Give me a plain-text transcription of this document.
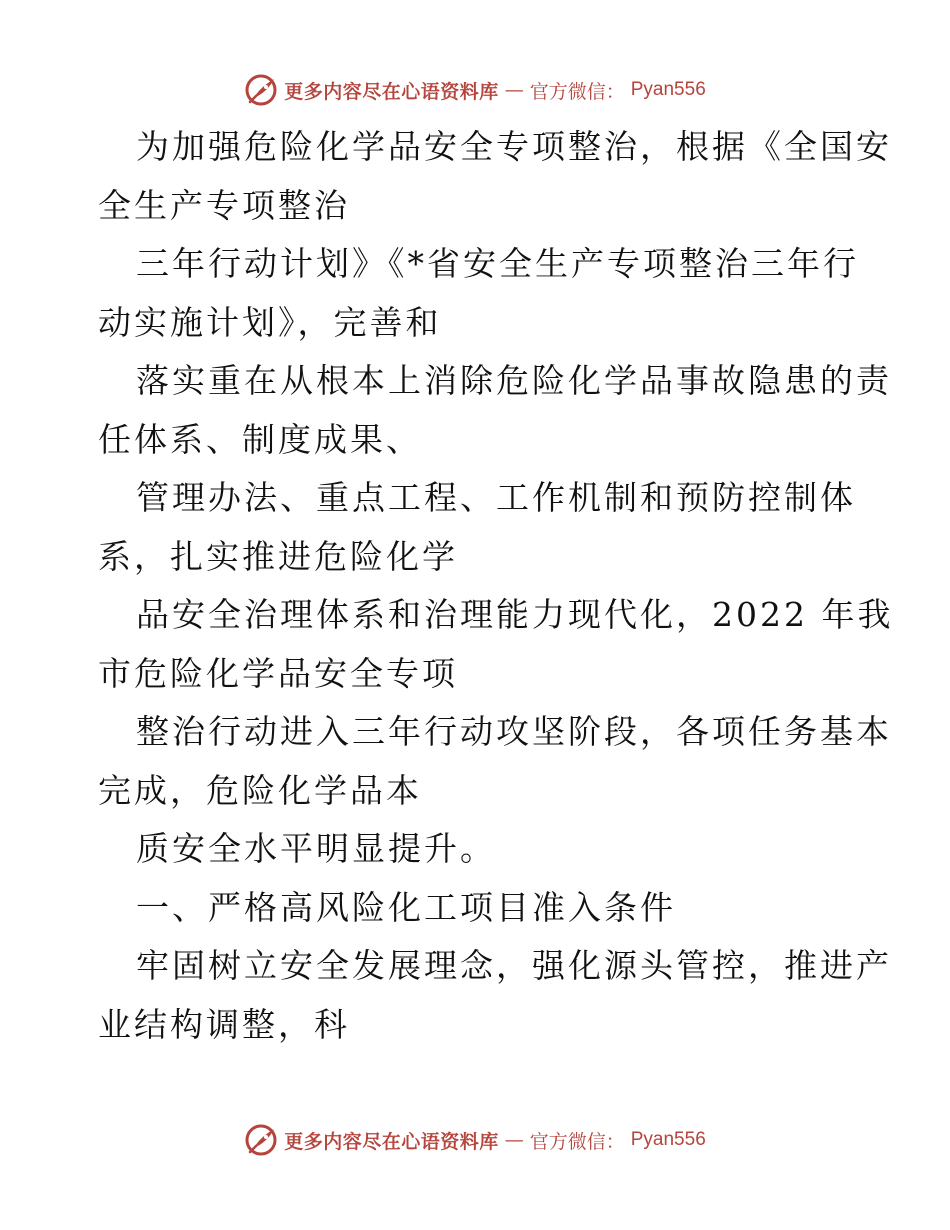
更多内容尽在心语资料库 — 官方微信： Pyan556
为加强危险化学品安全专项整治，根据《全国安
全生产专项整治
三年行动计划》《*省安全生产专项整治三年行
动实施计划》，完善和
落实重在从根本上消除危险化学品事故隐患的责
任体系、制度成果、
管理办法、重点工程、工作机制和预防控制体
系，扎实推进危险化学
品安全治理体系和治理能力现代化，2022 年我
市危险化学品安全专项
整治行动进入三年行动攻坚阶段，各项任务基本
完成，危险化学品本
质安全水平明显提升。
一、严格高风险化工项目准入条件
牢固树立安全发展理念，强化源头管控，推进产
业结构调整，科
更多内容尽在心语资料库 — 官方微信： Pyan556
